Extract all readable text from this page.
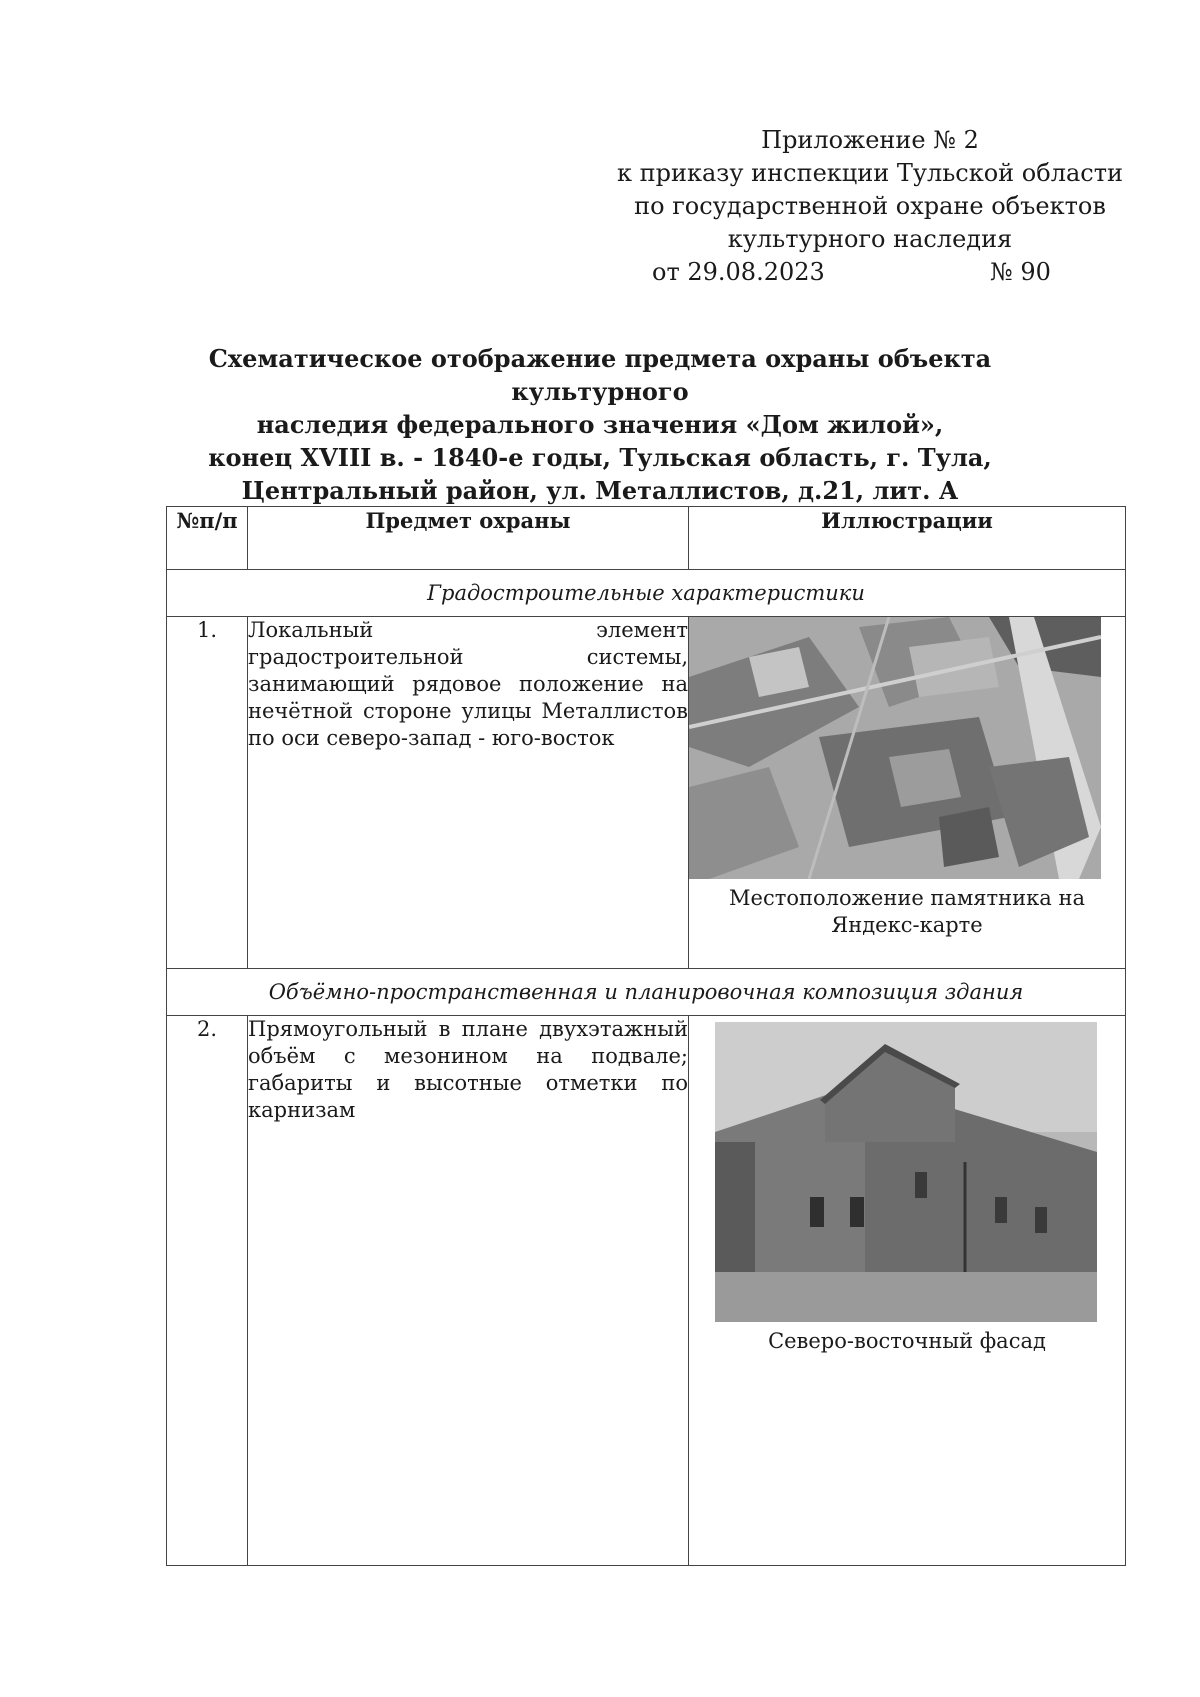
Приложение № 2
к приказу инспекции Тульской области
по государственной охране объектов
культурного наследия
от 29.08.2023	№ 90
Схематическое отображение предмета охраны объекта культурного
наследия федерального значения «Дом жилой»,
конец XVIII в. - 1840-е годы, Тульская область, г. Тула,
Центральный район, ул. Металлистов, д.21, лит. А
№п/п	Предмет охраны	Иллюстрации
Градостроительные характеристики		
1.	Локальный элемент градостроительной системы, занимающий рядовое положение на нечётной стороне улицы Металлистов по оси северо-запад - юго-восток	Местоположение памятника на Яндекс-карте

Объёмно-пространственная и планировочная композиция здания		
2.	Прямоугольный в плане двухэтажный объём с мезонином на подвале; габариты и высотные отметки по карнизам	Северо-восточный фасад
